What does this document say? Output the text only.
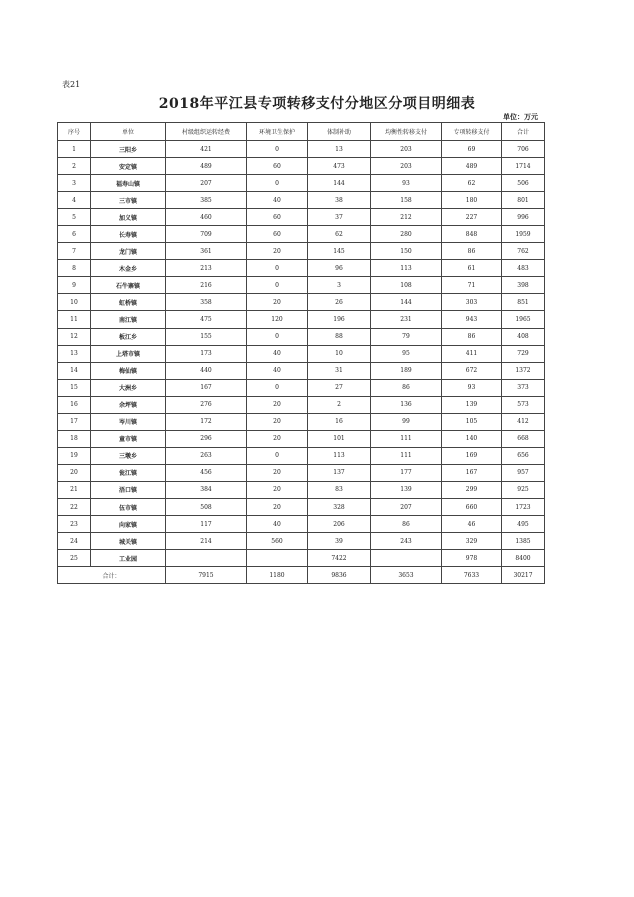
表21
2018年平江县专项转移支付分地区分项目明细表
单位：万元
序号	单位	村级组织运转经费	环境卫生保护	体制补助	均衡性转移支付	专项转移支付	合计
1	三阳乡	421	0	13	203	69	706
2	安定镇	489	60	473	203	489	1714
3	福寿山镇	207	0	144	93	62	506
4	三市镇	385	40	38	158	180	801
5	加义镇	460	60	37	212	227	996
6	长寿镇	709	60	62	280	848	1959
7	龙门镇	361	20	145	150	86	762
8	木金乡	213	0	96	113	61	483
9	石牛寨镇	216	0	3	108	71	398
10	虹桥镇	358	20	26	144	303	851
11	南江镇	475	120	196	231	943	1965
12	板江乡	155	0	88	79	86	408
13	上塔市镇	173	40	10	95	411	729
14	梅仙镇	440	40	31	189	672	1372
15	大洲乡	167	0	27	86	93	373
16	余坪镇	276	20	2	136	139	573
17	岑川镇	172	20	16	99	105	412
18	童市镇	296	20	101	111	140	668
19	三墩乡	263	0	113	111	169	656
20	瓮江镇	456	20	137	177	167	957
21	浯口镇	384	20	83	139	299	925
22	伍市镇	508	20	328	207	660	1723
23	向家镇	117	40	206	86	46	495
24	城关镇	214	560	39	243	329	1385
25	工业园			7422		978	8400
合计：		7915	1180	9836	3653	7633	30217
